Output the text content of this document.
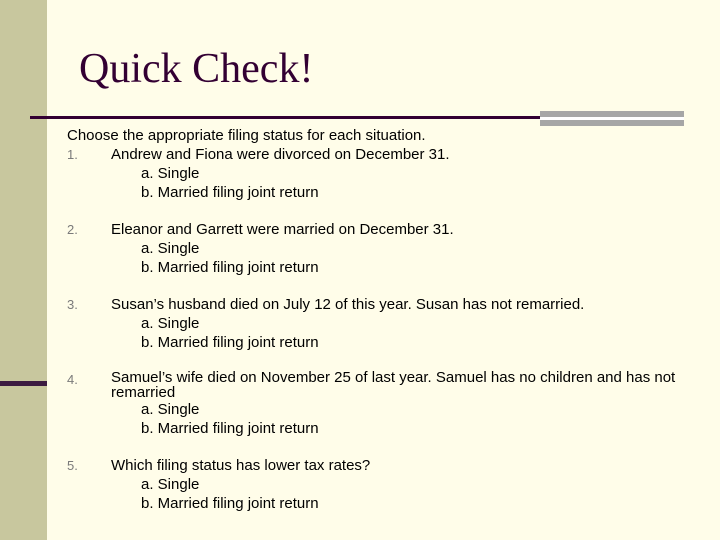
Quick Check!

Choose the appropriate filing status for each situation.

1. Andrew and Fiona were divorced on December 31.

a. Single

b. Married filing joint return

2. Eleanor and Garrett were married on December 31.

a. Single

b. Married filing joint return

3. Susan’s husband died on July 12 of this year. Susan has not remarried.

a. Single

b. Married filing joint return

4. Samuel’s wife died on November 25 of last year. Samuel has no children and has not remarried

a. Single

b. Married filing joint return

5. Which filing status has lower tax rates?

a. Single

b. Married filing joint return
